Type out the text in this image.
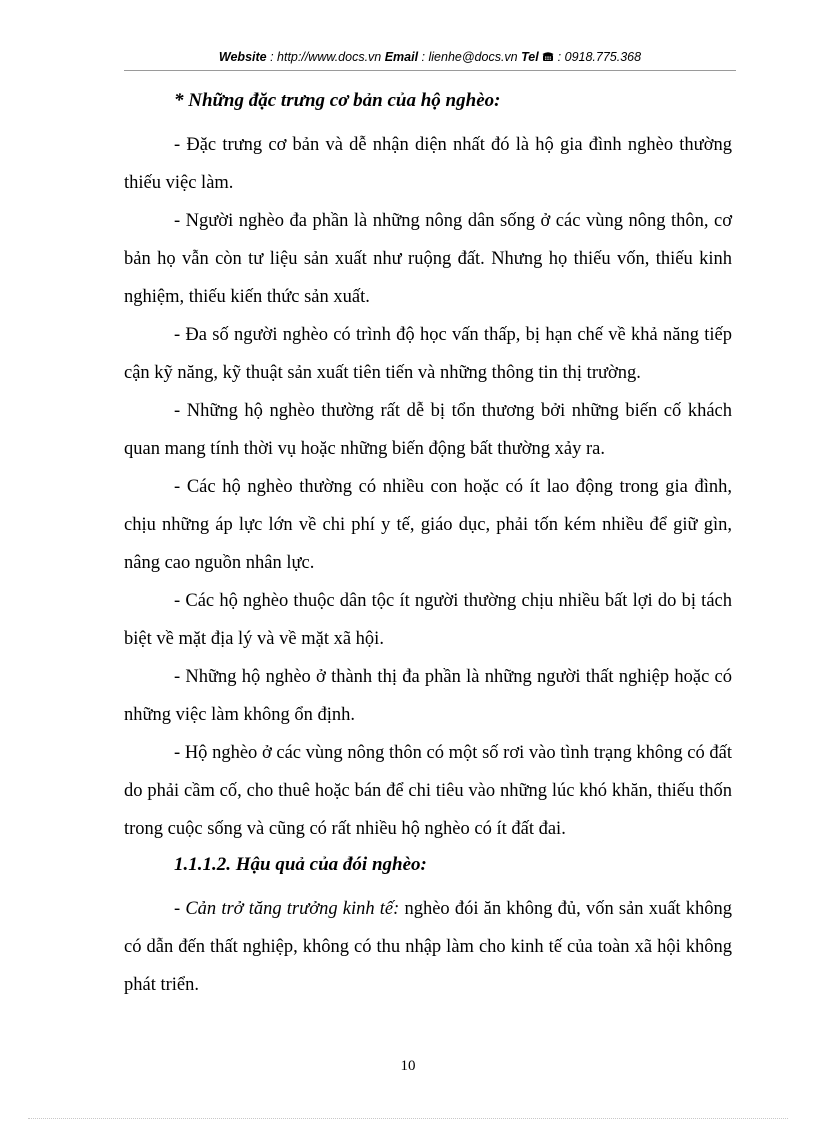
Website : http://www.docs.vn Email : lienhe@docs.vn Tel  : 0918.775.368

* Những đặc trưng cơ bản của hộ nghèo:

- Đặc trưng cơ bản và dễ nhận diện nhất đó là hộ gia đình nghèo thường thiếu việc làm.

- Người nghèo đa phần là những nông dân sống ở các vùng nông thôn, cơ bản họ vẫn còn tư liệu sản xuất như ruộng đất. Nhưng họ thiếu vốn, thiếu kinh nghiệm, thiếu kiến thức sản xuất.

- Đa số người nghèo có trình độ học vấn thấp, bị hạn chế về khả năng tiếp cận kỹ năng, kỹ thuật sản xuất tiên tiến và những thông tin thị trường.

- Những hộ nghèo thường rất dễ bị tổn thương bởi những biến cố khách quan mang tính thời vụ hoặc những biến động bất thường xảy ra.

- Các hộ nghèo thường có nhiều con hoặc có ít lao động trong gia đình, chịu những áp lực lớn về chi phí y tế, giáo dục, phải tốn kém nhiều để giữ gìn, nâng cao nguồn nhân lực.

- Các hộ nghèo thuộc dân tộc ít người thường chịu nhiều bất lợi do bị tách biệt về mặt địa lý và về mặt xã hội.

- Những hộ nghèo ở thành thị đa phần là những người thất nghiệp hoặc có những việc làm không ổn định.

- Hộ nghèo ở các vùng nông thôn có một số rơi vào tình trạng không có đất do phải cầm cố, cho thuê hoặc bán để chi tiêu vào những lúc khó khăn, thiếu thốn trong cuộc sống và cũng có rất nhiều hộ nghèo có ít đất đai.

1.1.1.2. Hậu quả của đói nghèo:

- Cản trở tăng trưởng kinh tế: nghèo đói ăn không đủ, vốn sản xuất không có dẫn đến thất nghiệp, không có thu nhập làm cho kinh tế của toàn xã hội không phát triển.

10
